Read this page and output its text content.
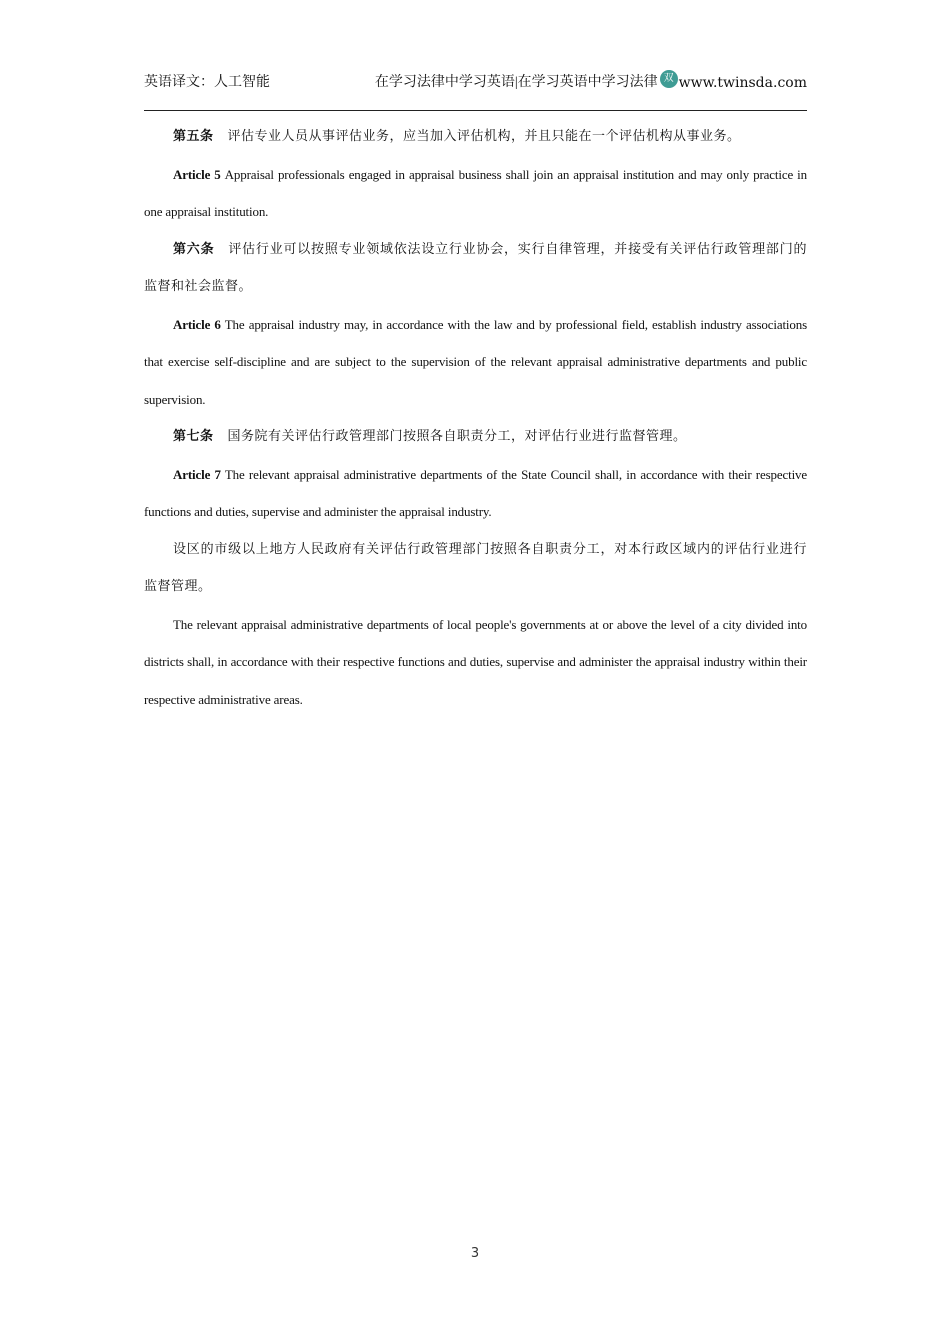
英语译文：人工智能	在学习法律中学习英语|在学习英语中学习法律 双 www.twinsda.com

第五条 评估专业人员从事评估业务，应当加入评估机构，并且只能在一个评估机构从事业务。

Article 5 Appraisal professionals engaged in appraisal business shall join an appraisal institution and may only practice in one appraisal institution.

第六条 评估行业可以按照专业领域依法设立行业协会，实行自律管理，并接受有关评估行政管理部门的监督和社会监督。

Article 6 The appraisal industry may, in accordance with the law and by professional field, establish industry associations that exercise self-discipline and are subject to the supervision of the relevant appraisal administrative departments and public supervision.

第七条 国务院有关评估行政管理部门按照各自职责分工，对评估行业进行监督管理。

Article 7 The relevant appraisal administrative departments of the State Council shall, in accordance with their respective functions and duties, supervise and administer the appraisal industry.

设区的市级以上地方人民政府有关评估行政管理部门按照各自职责分工，对本行政区域内的评估行业进行监督管理。

The relevant appraisal administrative departments of local people's governments at or above the level of a city divided into districts shall, in accordance with their respective functions and duties, supervise and administer the appraisal industry within their respective administrative areas.

3
